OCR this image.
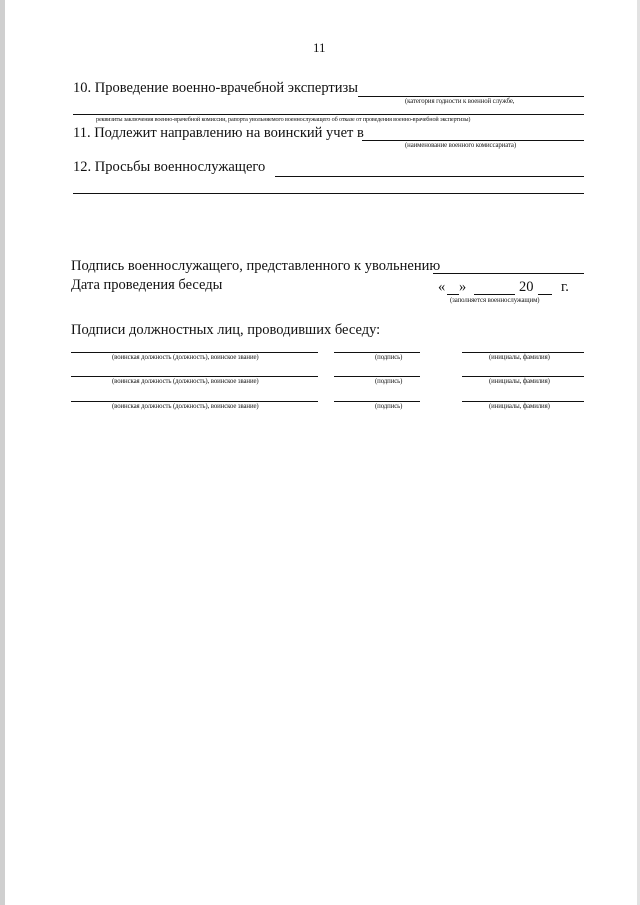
11
10. Проведение военно-врачебной экспертизы
(категория годности к военной службе,
реквизиты заключения военно-врачебной комиссии, рапорта увольняемого военнослужащего об отказе от проведения военно-врачебной экспертизы)
11. Подлежит направлению на воинский учет в
(наименование военного комиссариата)
12. Просьбы военнослужащего
Подпись военнослужащего, представленного к увольнению
Дата проведения беседы	« »	20 г.
(заполняется военнослужащим)
Подписи должностных лиц, проводивших беседу:
(воинская должность (должность), воинское звание)	(подпись)	(инициалы, фамилия)
(воинская должность (должность), воинское звание)	(подпись)	(инициалы, фамилия)
(воинская должность (должность), воинское звание)	(подпись)	(инициалы, фамилия)
